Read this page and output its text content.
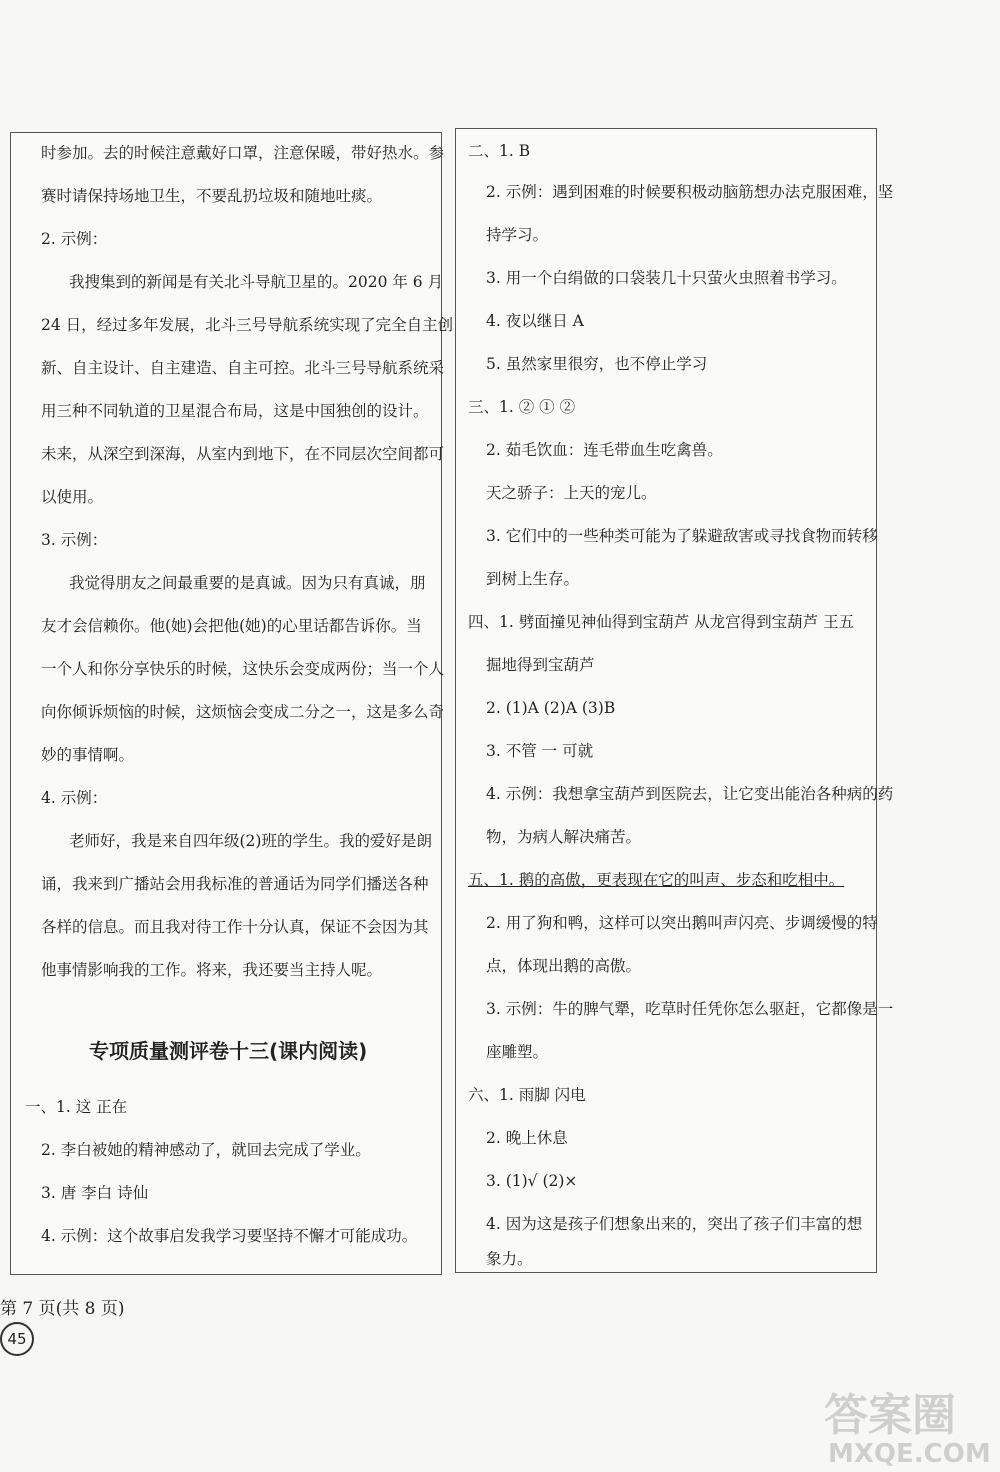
时参加。去的时候注意戴好口罩，注意保暖，带好热水。参
赛时请保持场地卫生，不要乱扔垃圾和随地吐痰。
2. 示例：
我搜集到的新闻是有关北斗导航卫星的。2020 年 6 月
24 日，经过多年发展，北斗三号导航系统实现了完全自主创
新、自主设计、自主建造、自主可控。北斗三号导航系统采
用三种不同轨道的卫星混合布局，这是中国独创的设计。
未来，从深空到深海，从室内到地下，在不同层次空间都可
以使用。
3. 示例：
我觉得朋友之间最重要的是真诚。因为只有真诚，朋
友才会信赖你。他(她)会把他(她)的心里话都告诉你。当
一个人和你分享快乐的时候，这快乐会变成两份；当一个人
向你倾诉烦恼的时候，这烦恼会变成二分之一，这是多么奇
妙的事情啊。
4. 示例：
老师好，我是来自四年级(2)班的学生。我的爱好是朗
诵，我来到广播站会用我标准的普通话为同学们播送各种
各样的信息。而且我对待工作十分认真，保证不会因为其
他事情影响我的工作。将来，我还要当主持人呢。
专项质量测评卷十三(课内阅读)
一、1. 这 正在
2. 李白被她的精神感动了，就回去完成了学业。
3. 唐 李白 诗仙
4. 示例：这个故事启发我学习要坚持不懈才可能成功。
二、1. B
2. 示例：遇到困难的时候要积极动脑筋想办法克服困难，坚
持学习。
3. 用一个白绢做的口袋装几十只萤火虫照着书学习。
4. 夜以继日 A
5. 虽然家里很穷，也不停止学习
三、1. ② ① ②
2. 茹毛饮血：连毛带血生吃禽兽。
天之骄子：上天的宠儿。
3. 它们中的一些种类可能为了躲避敌害或寻找食物而转移
到树上生存。
四、1. 劈面撞见神仙得到宝葫芦 从龙宫得到宝葫芦 王五
掘地得到宝葫芦
2. (1)A (2)A (3)B
3. 不管 一 可就
4. 示例：我想拿宝葫芦到医院去，让它变出能治各种病的药
物，为病人解决痛苦。
五、1. 鹅的高傲，更表现在它的叫声、步态和吃相中。
2. 用了狗和鸭，这样可以突出鹅叫声闪亮、步调缓慢的特
点，体现出鹅的高傲。
3. 示例：牛的脾气犟，吃草时任凭你怎么驱赶，它都像是一
座雕塑。
六、1. 雨脚 闪电
2. 晚上休息
3. (1)√ (2)×
4. 因为这是孩子们想象出来的，突出了孩子们丰富的想
象力。
第 7 页(共 8 页)
45
答案圈
MXQE.COM
